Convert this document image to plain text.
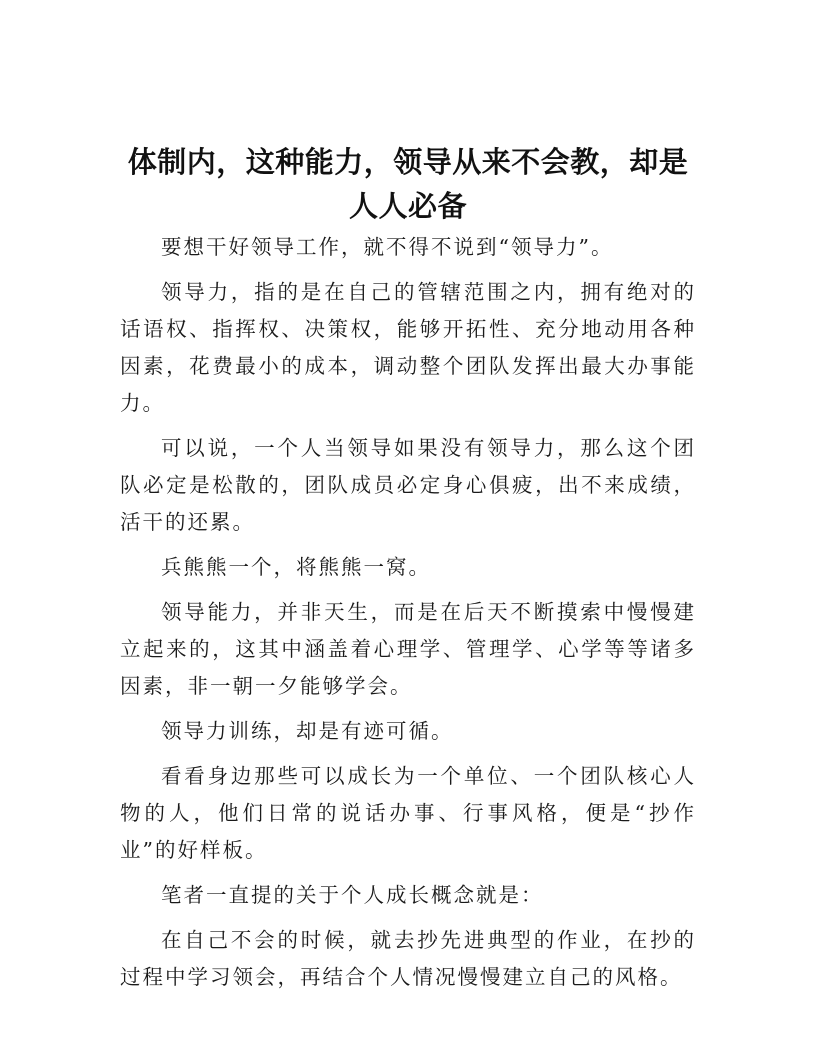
体制内，这种能力，领导从来不会教，却是人人必备

要想干好领导工作，就不得不说到“领导力”。

领导力，指的是在自己的管辖范围之内，拥有绝对的话语权、指挥权、决策权，能够开拓性、充分地动用各种因素，花费最小的成本，调动整个团队发挥出最大办事能力。

可以说，一个人当领导如果没有领导力，那么这个团队必定是松散的，团队成员必定身心俱疲，出不来成绩，活干的还累。

兵熊熊一个，将熊熊一窝。

领导能力，并非天生，而是在后天不断摸索中慢慢建立起来的，这其中涵盖着心理学、管理学、心学等等诸多因素，非一朝一夕能够学会。

领导力训练，却是有迹可循。

看看身边那些可以成长为一个单位、一个团队核心人物的人，他们日常的说话办事、行事风格，便是“抄作业”的好样板。

笔者一直提的关于个人成长概念就是：

在自己不会的时候，就去抄先进典型的作业，在抄的过程中学习领会，再结合个人情况慢慢建立自己的风格。
